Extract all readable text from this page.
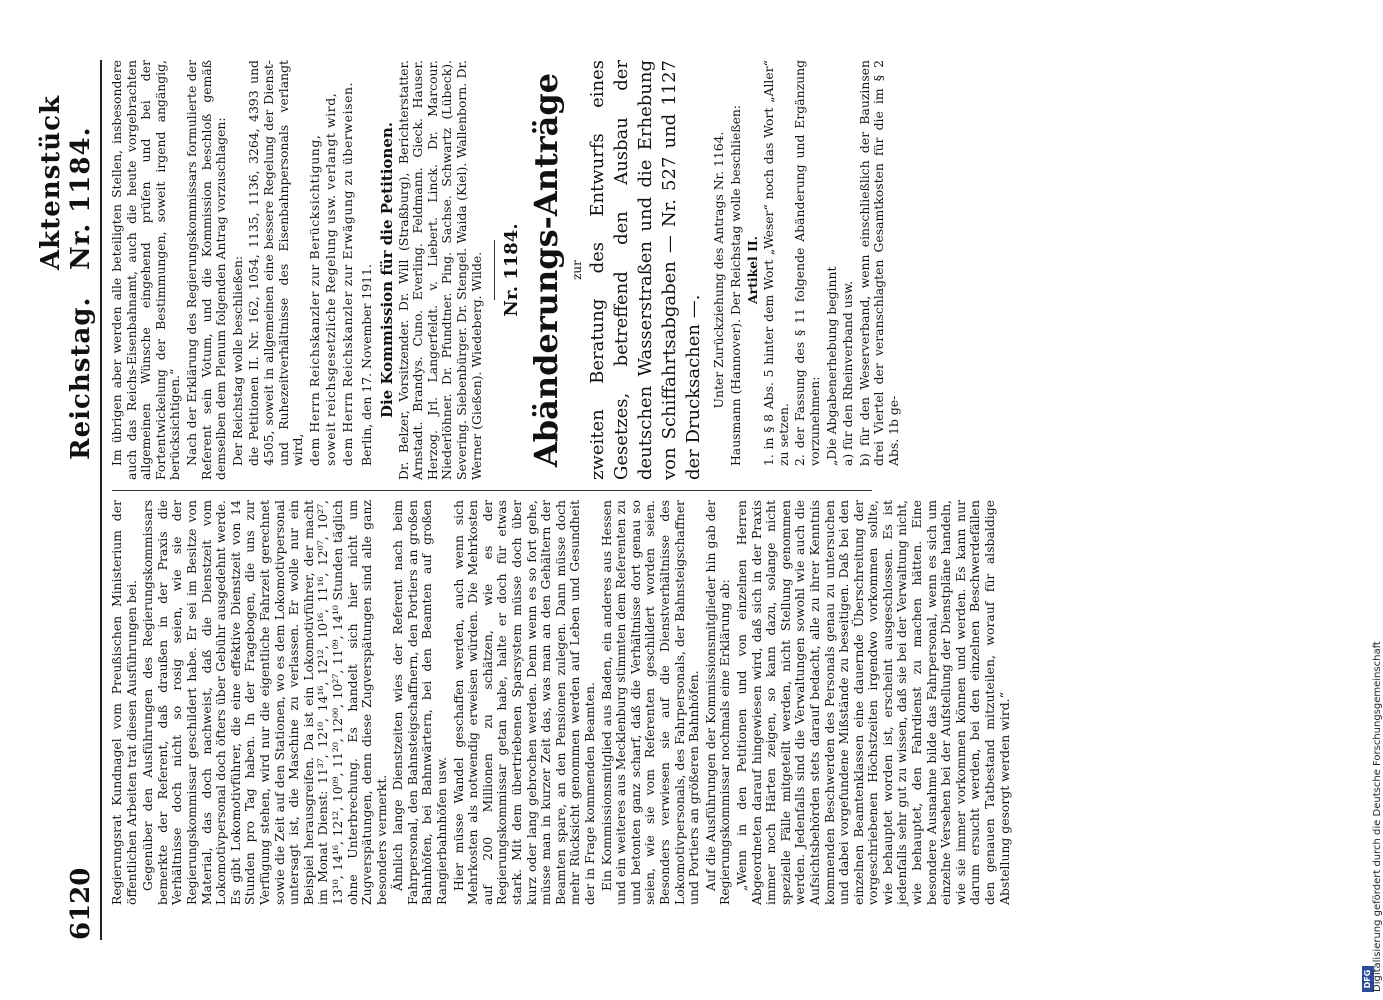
6120
Reichstag.
Aktenstück Nr. 1184.

Regierungsrat Kundnagel vom Preußischen Ministerium der öffentlichen Arbeiten trat diesen Ausführungen bei. Gegenüber den Ausführungen des Regierungskommissars bemerkte der Referent, daß draußen in der Praxis die Verhältnisse doch nicht so rosig seien, wie sie der Regierungskommissar geschildert habe. Er sei im Besitze von Material, das doch nachweist, daß die Dienstzeit vom Lokomotivpersonal doch öfters über Gebühr ausgedehnt werde. Es gibt Lokomotivführer, die eine effektive Dienstzeit von 14 Stunden pro Tag haben. In der Fragebogen, die uns zur Verfügung stehen, wird nur die eigentliche Fahrzeit gerechnet sowie die Zeit auf den Stationen, wo es dem Lokomotivpersonal untersagt ist, die Maschine zu verlassen. Er wolle nur ein Beispiel herausgreifen. Da ist ein Lokomotivführer, der macht im Monat Dienst: 11³⁷, 12¹⁰, 14¹⁶, 12¹², 10¹⁶, 11¹⁶, 12⁰⁷, 10²⁷, 13¹⁰, 14¹⁶, 12¹², 10⁰⁹, 11²⁰, 12⁰⁰, 10²⁷, 11⁰⁹, 14¹⁰ Stunden täglich ohne Unterbrechung. Es handelt sich hier nicht um Zugverspätungen, denn diese Zugverspätungen sind alle ganz besonders vermerkt. Ähnlich lange Dienstzeiten wies der Referent nach beim Fahrpersonal, den Bahnsteigschaffnern, den Portiers an großen Bahnhöfen, bei Bahnwärtern, bei den Beamten auf großen Rangierbahnhöfen usw. Hier müsse Wandel geschaffen werden, auch wenn sich Mehrkosten als notwendig erweisen würden. Die Mehrkosten auf 200 Millionen zu schätzen, wie es der Regierungskommissar getan habe, halte er doch für etwas stark. Mit dem übertriebenen Sparsystem müsse doch über kurz oder lang gebrochen werden. Denn wenn es so fort gehe, müsse man in kurzer Zeit das, was man an den Gehältern der Beamten spare, an den Pensionen zulegen. Dann müsse doch mehr Rücksicht genommen werden auf Leben und Gesundheit der in Frage kommenden Beamten. Ein Kommissionsmitglied aus Baden, ein anderes aus Hessen und ein weiteres aus Mecklenburg stimmten dem Referenten zu und betonten ganz scharf, daß die Verhältnisse dort genau so seien, wie sie vom Referenten geschildert worden seien. Besonders verwiesen sie auf die Dienstverhältnisse des Lokomotivpersonals, des Fahrpersonals, der Bahnsteigschaffner und Portiers an größeren Bahnhöfen. Auf die Ausführungen der Kommissionsmitglieder hin gab der Regierungskommissar nochmals eine Erklärung ab: „Wenn in den Petitionen und von einzelnen Herren Abgeordneten darauf hingewiesen wird, daß sich in der Praxis immer noch Härten zeigen, so kann dazu, solange nicht spezielle Fälle mitgeteilt werden, nicht Stellung genommen werden. Jedenfalls sind die Verwaltungen sowohl wie auch die Aufsichtsbehörden stets darauf bedacht, alle zu ihrer Kenntnis kommenden Beschwerden des Personals genau zu untersuchen und dabei vorgefundene Mißstände zu beseitigen. Daß bei den einzelnen Beamtenklassen eine dauernde Überschreitung der vorgeschriebenen Höchstzeiten irgendwo vorkommen sollte, wie behauptet worden ist, erscheint ausgeschlossen. Es ist jedenfalls sehr gut zu wissen, daß sie bei der Verwaltung nicht, wie behauptet, den Fahrdienst zu machen hätten. Eine besondere Ausnahme bilde das Fahrpersonal, wenn es sich um einzelne Versehen bei der Aufstellung der Dienstpläne handeln, wie sie immer vorkommen können und werden. Es kann nur darum ersucht werden, bei den einzelnen Beschwerdefällen den genauen Tatbestand mitzuteilen, worauf für alsbaldige Abstellung gesorgt werden wird.“

Im übrigen aber werden alle beteiligten Stellen, insbesondere auch das Reichs-Eisenbahnamt, auch die heute vorgebrachten allgemeinen Wünsche eingehend prüfen und bei der Fortentwickelung der Bestimmungen, soweit irgend angängig, berücksichtigen.“ Nach der Erklärung des Regierungskommissars formulierte der Referent sein Votum, und die Kommission beschloß gemäß demselben dem Plenum folgenden Antrag vorzuschlagen: Der Reichstag wolle beschließen: die Petitionen II. Nr. 162, 1054, 1135, 1136, 3264, 4393 und 4505, soweit in allgemeinen eine bessere Regelung der Dienst- und Ruhezeitverhältnisse des Eisenbahnpersonals verlangt wird, dem Herrn Reichskanzler zur Berücksichtigung, soweit reichsgesetzliche Regelung usw. verlangt wird, dem Herrn Reichskanzler zur Erwägung zu überweisen. Berlin, den 17. November 1911. Die Kommission für die Petitionen. Dr. Belzer, Vorsitzender. Dr. Will (Straßburg), Berichterstatter. Arnstadt. Brandys. Cuno. Everling. Feldmann. Gieck. Hauser. Herzog. Jrl. Langerfeldt. v. Liebert. Linck. Dr. Marcour. Niederlöhner. Dr. Pfundtner. Ping. Sachse. Schwartz (Lübeck). Severing. Siebenbürger. Dr. Stengel. Waida (Kiel). Wallenborn. Dr. Werner (Gießen). Wiedeberg. Wilde. Nr. 1184. Abänderungs-Anträge zur zweiten Beratung des Entwurfs eines Gesetzes, betreffend den Ausbau der deutschen Wasserstraßen und die Erhebung von Schiffahrtsabgaben — Nr. 527 und 1127 der Drucksachen —. Unter Zurückziehung des Antrags Nr. 1164. Hausmann (Hannover). Der Reichstag wolle beschließen: Artikel II. 1. in § 8 Abs. 5 hinter dem Wort „Weser“ noch das Wort „Aller“ zu setzen. 2. der Fassung des § 11 folgende Abänderung und Ergänzung vorzunehmen: „Die Abgabenerhebung beginnt a) für den Rheinverband usw. b) für den Weserverband, wenn einschließlich der Bauzinsen drei Viertel der veranschlagten Gesamtkosten für die im § 2 Abs. 1b ge-

DFG Digitalisierung gefördert durch die Deutsche Forschungsgemeinschaft
